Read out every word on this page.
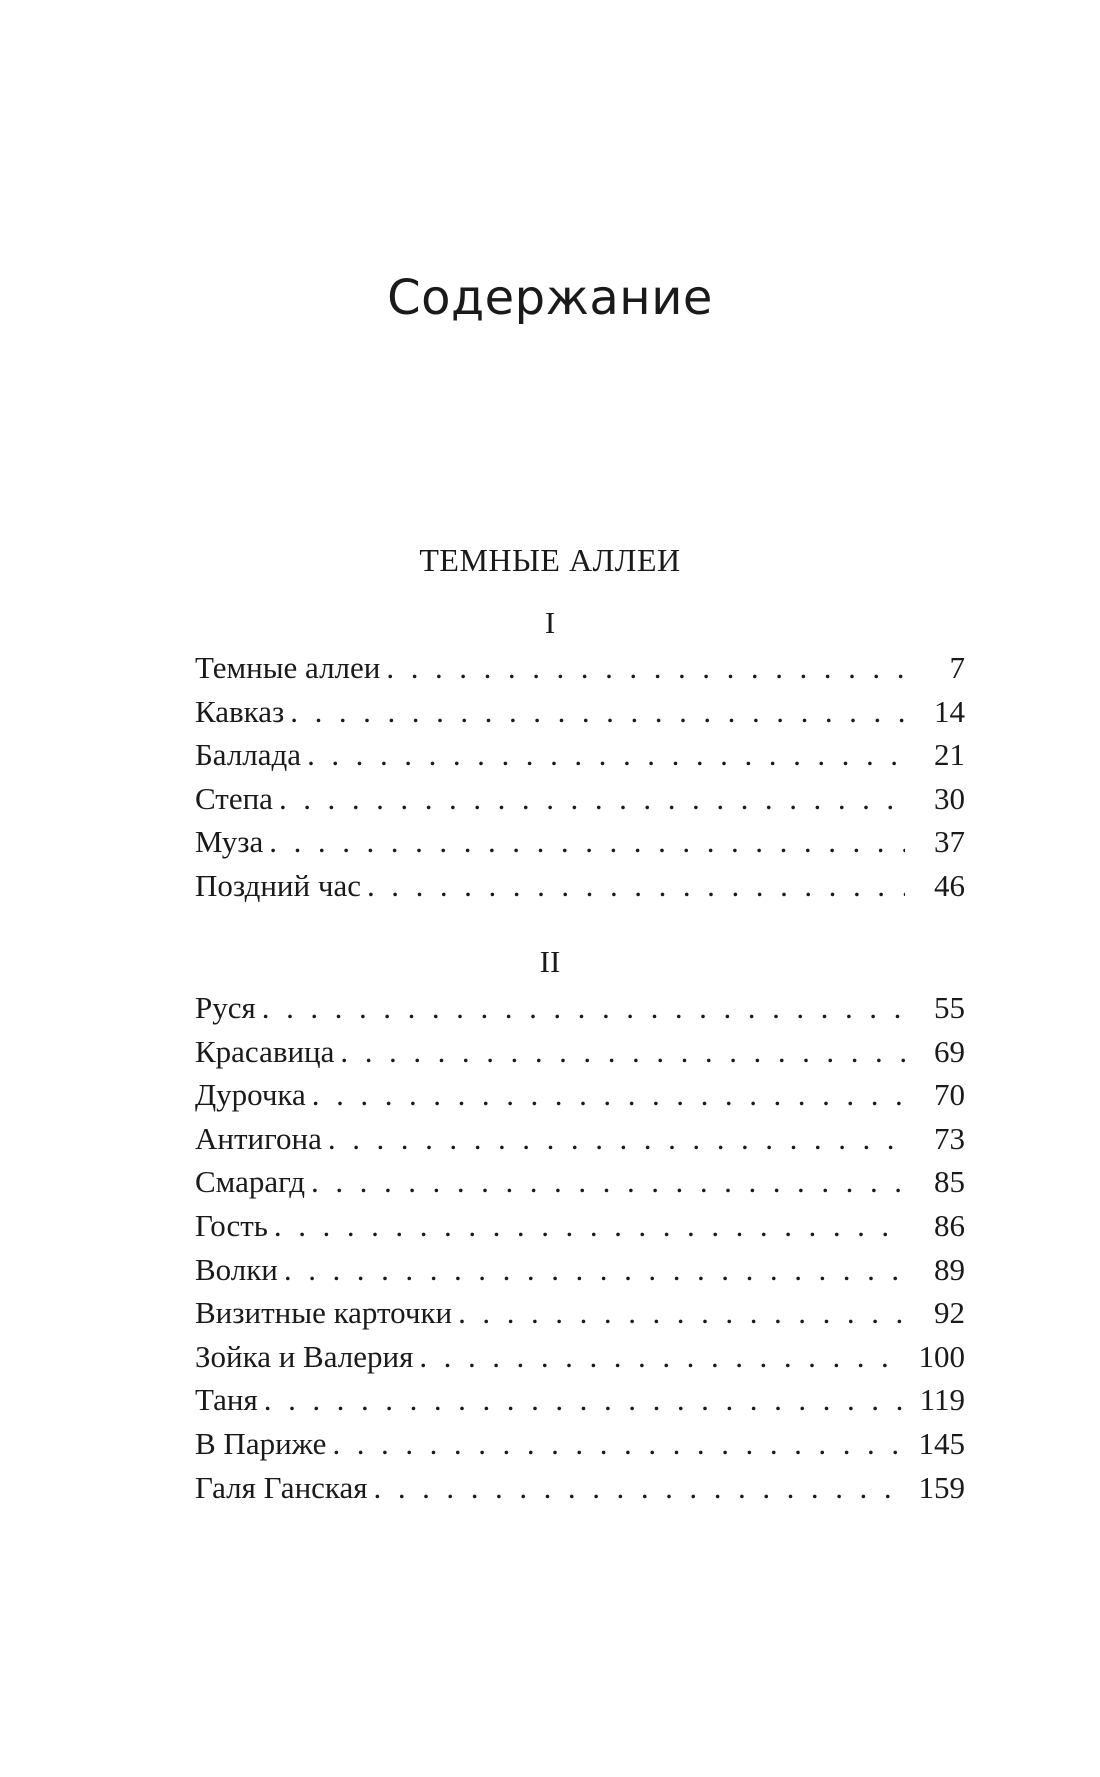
Содержание
ТЕМНЫЕ АЛЛЕИ
I
Темные аллеи . . .	7
Кавказ . . .	14
Баллада . . .	21
Степа . . .	30
Муза . . .	37
Поздний час . . .	46
II
Руся . . .	55
Красавица . . .	69
Дурочка . . .	70
Антигона . . .	73
Смарагд . . .	85
Гость . . .	86
Волки . . .	89
Визитные карточки . . .	92
Зойка и Валерия . . .	100
Таня . . .	119
В Париже . . .	145
Галя Ганская . . .	159
